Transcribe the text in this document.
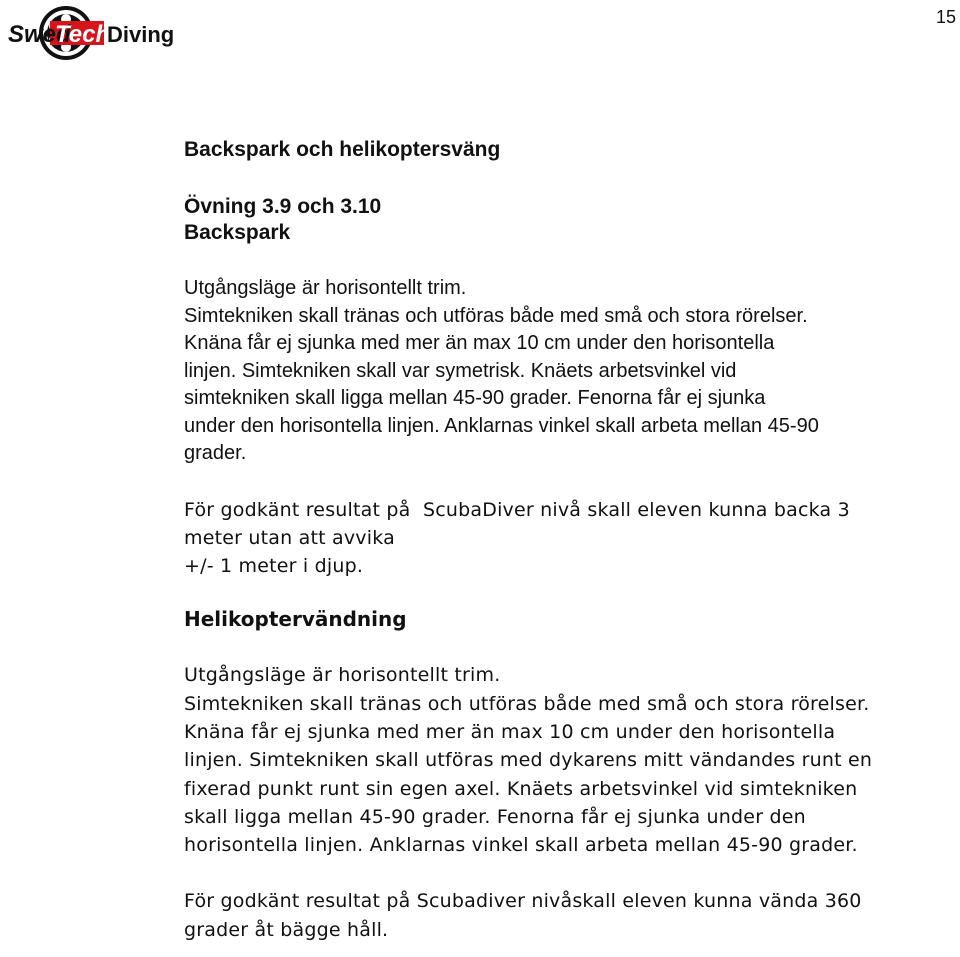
Swed
Tech
Diving
15

Backspark och helikoptersväng

Övning 3.9 och 3.10

Backspark

Utgångsläge är horisontellt trim.

Simtekniken skall tränas och utföras både med små och stora rörelser.

Knäna får ej sjunka med mer än max 10 cm under den horisontella

linjen. Simtekniken skall var symetrisk. Knäets arbetsvinkel vid

simtekniken skall ligga mellan 45-90 grader. Fenorna får ej sjunka

under den horisontella linjen. Anklarnas vinkel skall arbeta mellan 45-90

grader.

För godkänt resultat på  ScubaDiver nivå skall eleven kunna backa 3

meter utan att avvika

+/- 1 meter i djup.

Helikoptervändning

Utgångsläge är horisontellt trim.

Simtekniken skall tränas och utföras både med små och stora rörelser.

Knäna får ej sjunka med mer än max 10 cm under den horisontella

linjen. Simtekniken skall utföras med dykarens mitt vändandes runt en

fixerad punkt runt sin egen axel. Knäets arbetsvinkel vid simtekniken

skall ligga mellan 45-90 grader. Fenorna får ej sjunka under den

horisontella linjen. Anklarnas vinkel skall arbeta mellan 45-90 grader.

För godkänt resultat på Scubadiver nivåskall eleven kunna vända 360

grader åt bägge håll.
